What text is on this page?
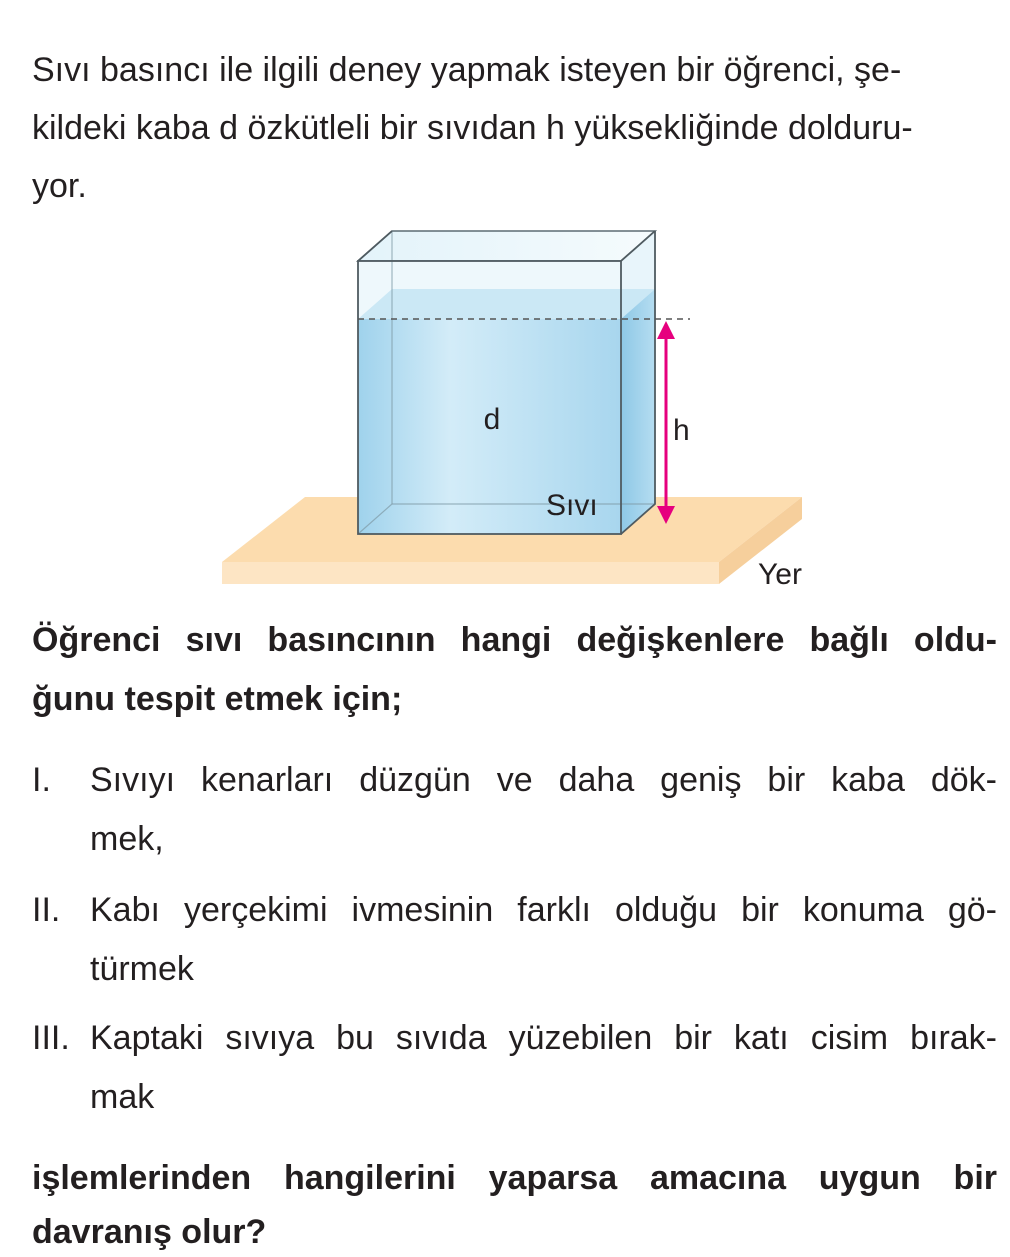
Sıvı basıncı ile ilgili deney yapmak isteyen bir öğrenci, şe-
kildeki kaba d özkütleli bir sıvıdan h yüksekliğinde dolduru-
yor.
d	h
Sıvı
Yer
Öğrenci sıvı basıncının hangi değişkenlere bağlı oldu-
ğunu tespit etmek için;
I. Sıvıyı kenarları düzgün ve daha geniş bir kaba dök-
mek,
II. Kabı yerçekimi ivmesinin farklı olduğu bir konuma gö-
türmek
III. Kaptaki sıvıya bu sıvıda yüzebilen bir katı cisim bırak-
mak
işlemlerinden hangilerini yaparsa amacına uygun bir
davranış olur?
